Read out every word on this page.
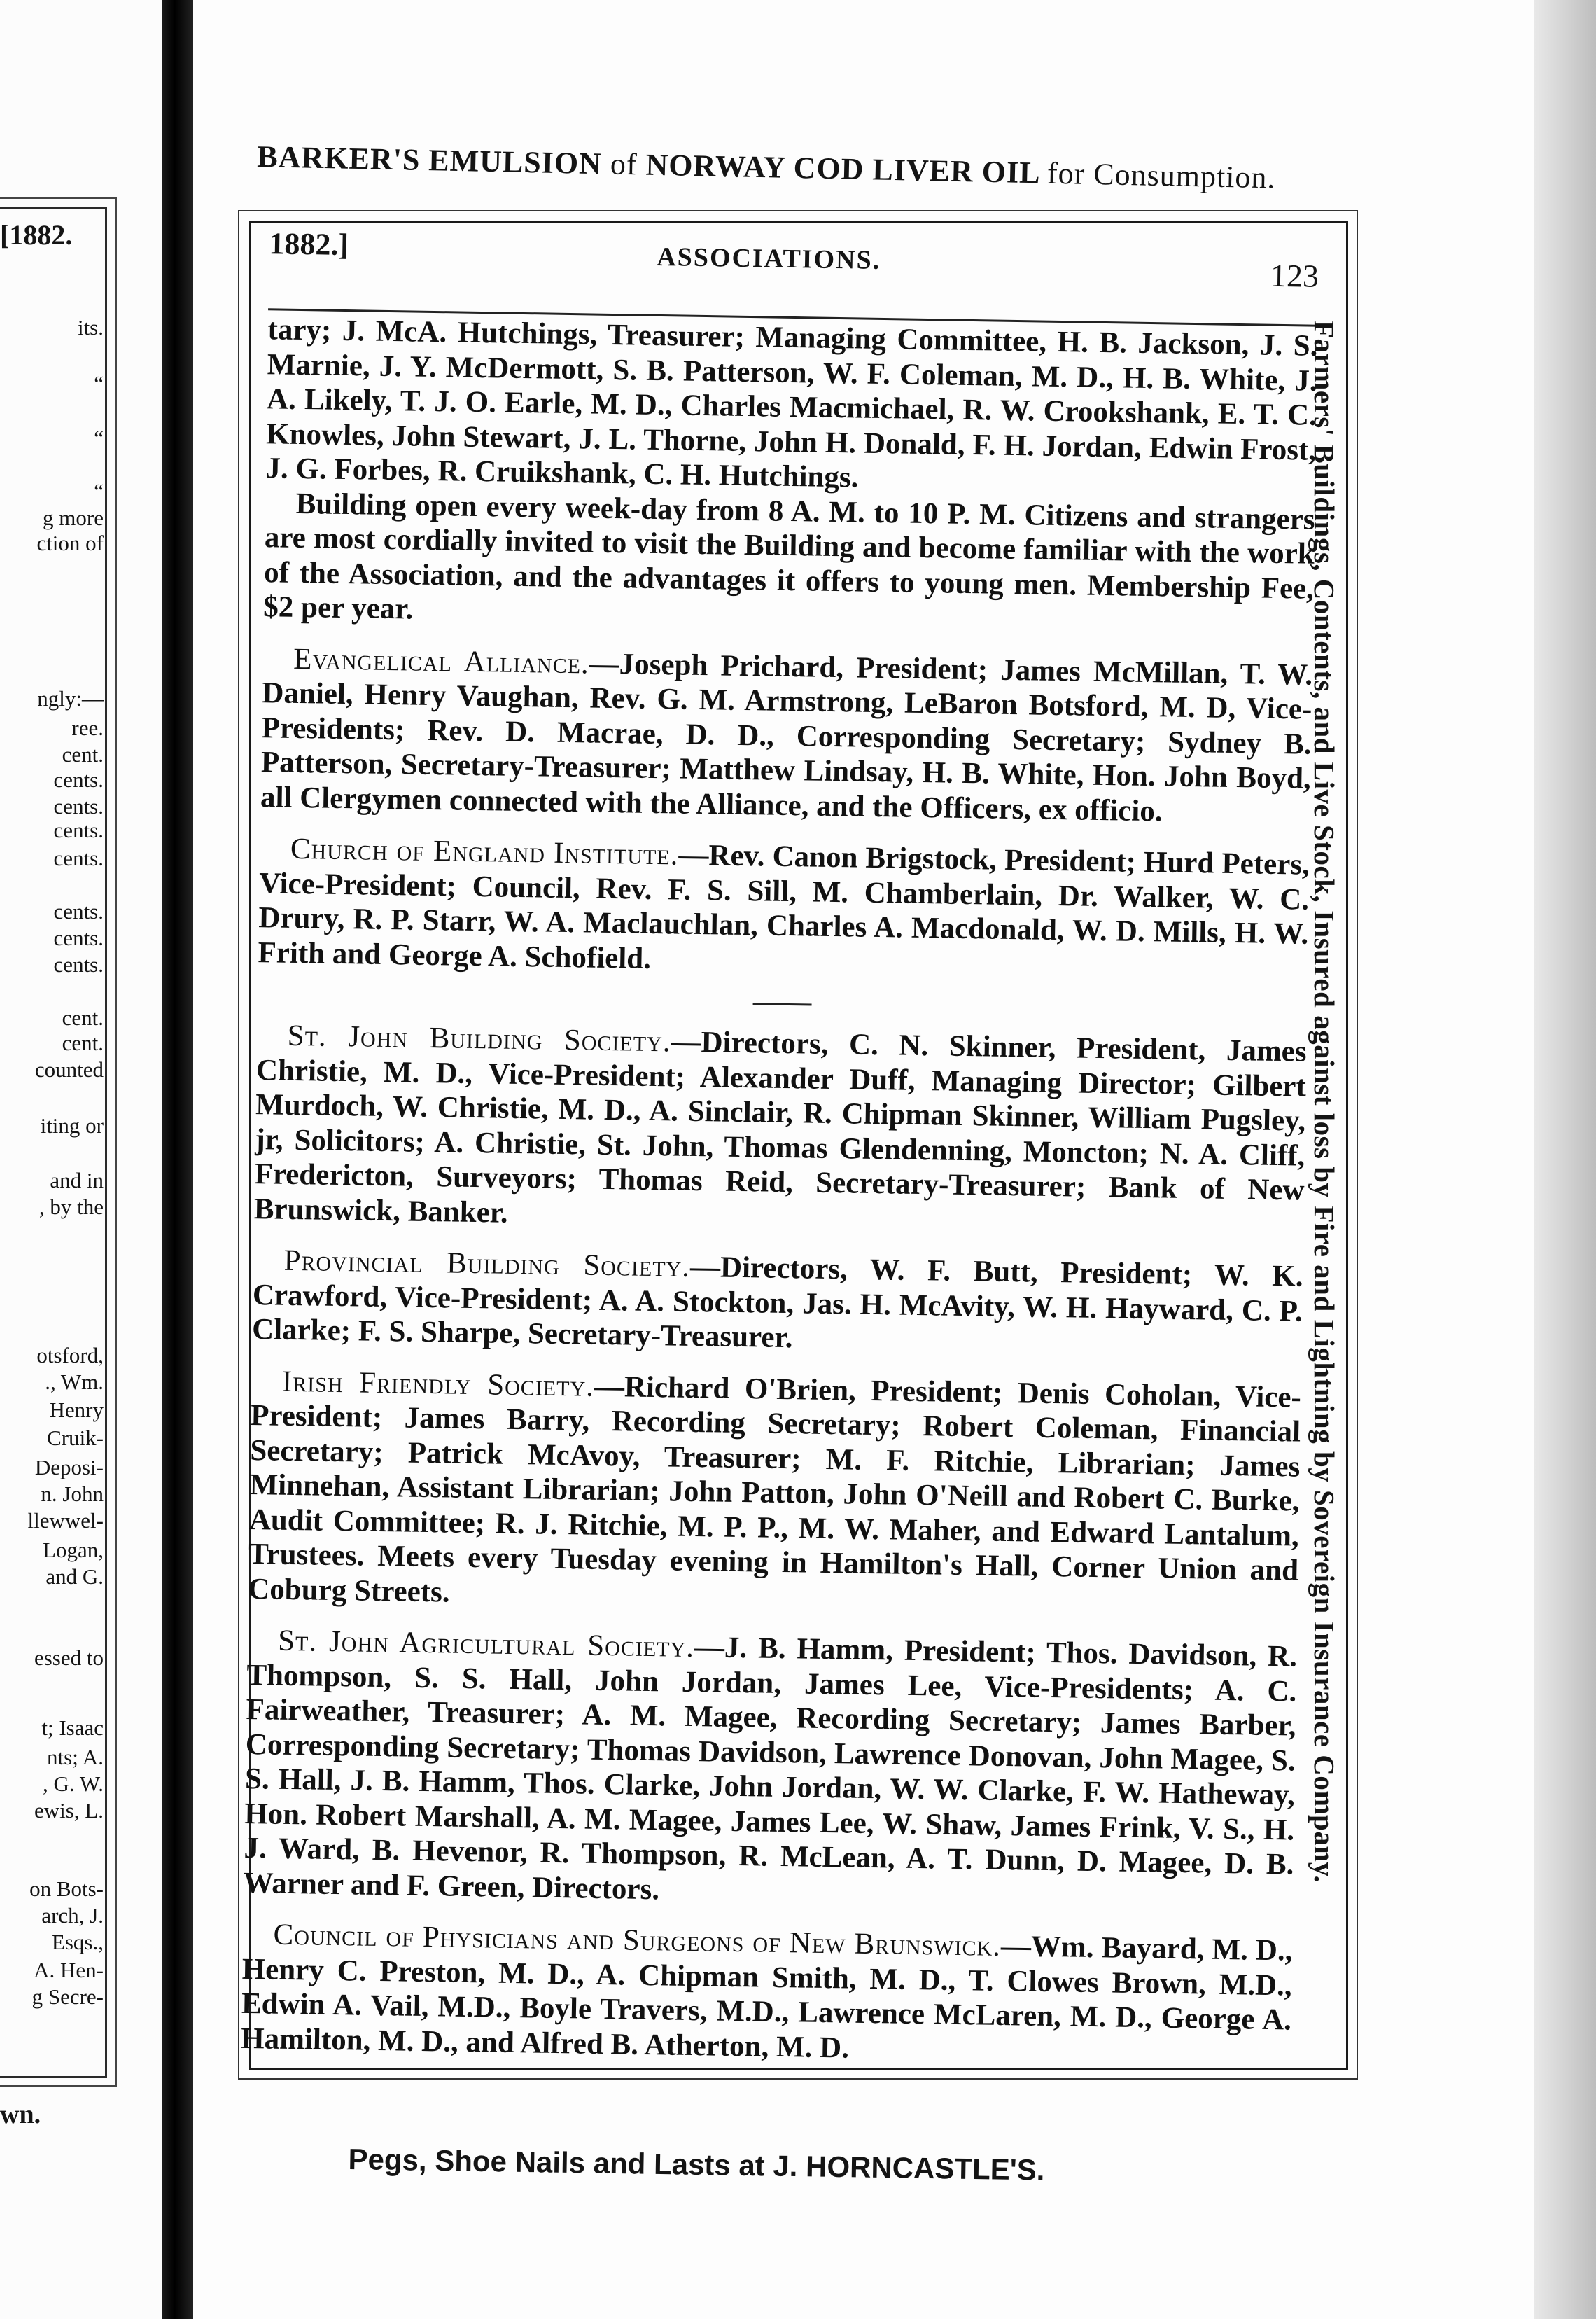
[1882.
its.
“
“
“
g more
ction of
ngly:—
ree.
cent.
cents.
cents.
cents.
cents.
cents.
cents.
cents.
cent.
cent.
counted
iting or
and in
, by the
otsford,
., Wm.
Henry
Cruik-
Deposi-
n. John
llewwel-
Logan,
and G.
essed to
t; Isaac
nts; A.
, G. W.
ewis, L.
on Bots-
arch, J.
Esqs.,
A. Hen-
g Secre-
wn.
BARKER'S EMULSION of NORWAY COD LIVER OIL for Consumption.
1882.]	ASSOCIATIONS.	123

tary; J. McA. Hutchings, Treasurer; Managing Committee, H. B. Jackson, J. S. Marnie, J. Y. McDermott, S. B. Patterson, W. F. Coleman, M. D., H. B. White, J. A. Likely, T. J. O. Earle, M. D., Charles Macmichael, R. W. Crookshank, E. T. C. Knowles, John Stewart, J. L. Thorne, John H. Donald, F. H. Jordan, Edwin Frost, J. G. Forbes, R. Cruikshank, C. H. Hutchings.

Building open every week-day from 8 A. M. to 10 P. M. Citizens and strangers are most cordially invited to visit the Building and become familiar with the work of the Association, and the advantages it offers to young men. Membership Fee, $2 per year.

Evangelical Alliance.—Joseph Prichard, President; James McMillan, T. W. Daniel, Henry Vaughan, Rev. G. M. Armstrong, LeBaron Botsford, M. D, Vice-Presidents; Rev. D. Macrae, D. D., Corresponding Secretary; Sydney B. Patterson, Secretary-Treasurer; Matthew Lindsay, H. B. White, Hon. John Boyd, all Clergymen connected with the Alliance, and the Officers, ex officio.

Church of England Institute.—Rev. Canon Brigstock, President; Hurd Peters, Vice-President; Council, Rev. F. S. Sill, M. Chamberlain, Dr. Walker, W. C. Drury, R. P. Starr, W. A. Maclauchlan, Charles A. Macdonald, W. D. Mills, H. W. Frith and George A. Schofield.

St. John Building Society.—Directors, C. N. Skinner, President, James Christie, M. D., Vice-President; Alexander Duff, Managing Director; Gilbert Murdoch, W. Christie, M. D., A. Sinclair, R. Chipman Skinner, William Pugsley, jr, Solicitors; A. Christie, St. John, Thomas Glendenning, Moncton; N. A. Cliff, Fredericton, Surveyors; Thomas Reid, Secretary-Treasurer; Bank of New Brunswick, Banker.

Provincial Building Society.—Directors, W. F. Butt, President; W. K. Crawford, Vice-President; A. A. Stockton, Jas. H. McAvity, W. H. Hayward, C. P. Clarke; F. S. Sharpe, Secretary-Treasurer.

Irish Friendly Society.—Richard O'Brien, President; Denis Coholan, Vice-President; James Barry, Recording Secretary; Robert Coleman, Financial Secretary; Patrick McAvoy, Treasurer; M. F. Ritchie, Librarian; James Minnehan, Assistant Librarian; John Patton, John O'Neill and Robert C. Burke, Audit Committee; R. J. Ritchie, M. P. P., M. W. Maher, and Edward Lantalum, Trustees. Meets every Tuesday evening in Hamilton's Hall, Corner Union and Coburg Streets.

St. John Agricultural Society.—J. B. Hamm, President; Thos. Davidson, R. Thompson, S. S. Hall, John Jordan, James Lee, Vice-Presidents; A. C. Fairweather, Treasurer; A. M. Magee, Recording Secretary; James Barber, Corresponding Secretary; Thomas Davidson, Lawrence Donovan, John Magee, S. S. Hall, J. B. Hamm, Thos. Clarke, John Jordan, W. W. Clarke, F. W. Hatheway, Hon. Robert Marshall, A. M. Magee, James Lee, W. Shaw, James Frink, V. S., H. J. Ward, B. Hevenor, R. Thompson, R. McLean, A. T. Dunn, D. Magee, D. B. Warner and F. Green, Directors.

Council of Physicians and Surgeons of New Brunswick.—Wm. Bayard, M. D., Henry C. Preston, M. D., A. Chipman Smith, M. D., T. Clowes Brown, M.D., Edwin A. Vail, M.D., Boyle Travers, M.D., Lawrence McLaren, M. D., George A. Hamilton, M. D., and Alfred B. Atherton, M. D.

Farmers' Buildings, Contents, and Live Stock, Insured against loss by Fire and Lightning by Sovereign Insurance Company.
Pegs, Shoe Nails and Lasts at J. HORNCASTLE'S.
